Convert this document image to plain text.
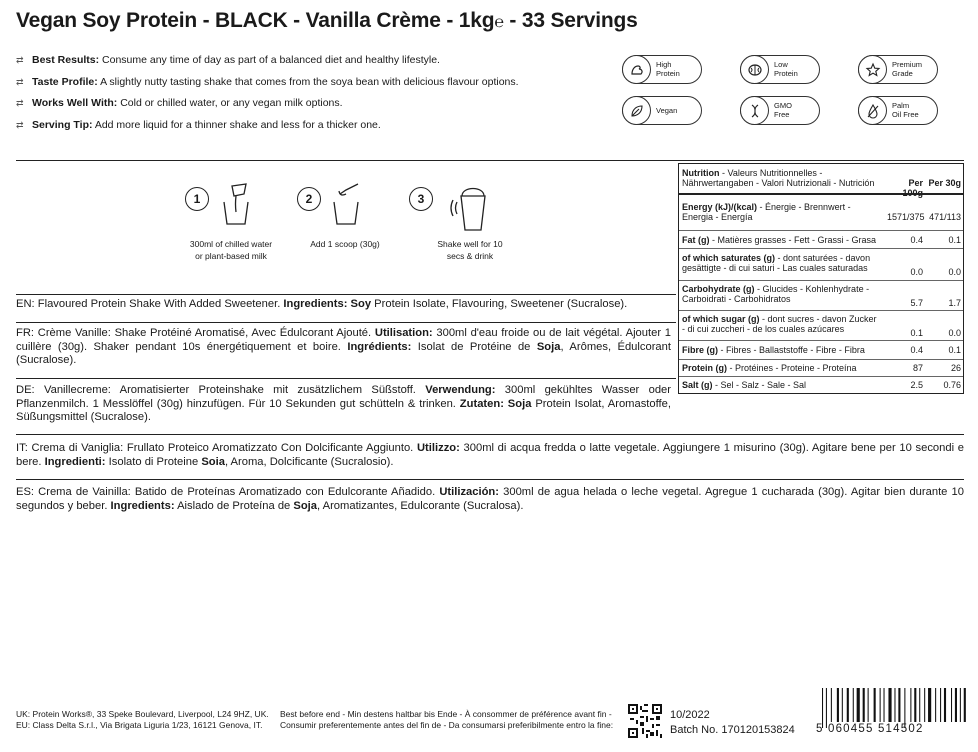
Vegan Soy Protein - BLACK - Vanilla Crème - 1kg℮ - 33 Servings
⇄ Best Results: Consume any time of day as part of a balanced diet and healthy lifestyle.
⇄ Taste Profile: A slightly nutty tasting shake that comes from the soya bean with delicious flavour options.
⇄ Works Well With: Cold or chilled water, or any vegan milk options.
⇄ Serving Tip: Add more liquid for a thinner shake and less for a thicker one.
High
Protein
Low
Protein
Premium
Grade
Vegan
GMO
Free
Palm
Oil Free
1
300ml of chilled water
or plant-based milk
2
Add 1 scoop (30g)
3
Shake well for 10
secs & drink
EN: Flavoured Protein Shake With Added Sweetener. Ingredients: Soy Protein Isolate, Flavouring, Sweetener (Sucralose).
FR: Crème Vanille: Shake Protéiné Aromatisé, Avec Édulcorant Ajouté. Utilisation: 300ml d'eau froide ou de lait végétal. Ajouter 1 cuillère (30g). Shaker pendant 10s énergétiquement et boire. Ingrédients: Isolat de Protéine de Soja, Arômes, Édulcorant (Sucralose).
DE: Vanillecreme: Aromatisierter Proteinshake mit zusätzlichem Süßstoff. Verwendung: 300ml gekühltes Wasser oder Pflanzenmilch. 1 Messlöffel (30g) hinzufügen. Für 10 Sekunden gut schütteln & trinken. Zutaten: Soja Protein Isolat, Aromastoffe, Süßungsmittel (Sucralose).
IT: Crema di Vaniglia: Frullato Proteico Aromatizzato Con Dolcificante Aggiunto. Utilizzo: 300ml di acqua fredda o latte vegetale. Aggiungere 1 misurino (30g). Agitare bene per 10 secondi e bere. Ingredienti: Isolato di Proteine Soia, Aroma, Dolcificante (Sucralosio).
ES: Crema de Vainilla: Batido de Proteínas Aromatizado con Edulcorante Añadido. Utilización: 300ml de agua helada o leche vegetal. Agregue 1 cucharada (30g). Agitar bien durante 10 segundos y beber. Ingredients: Aislado de Proteína de Soja, Aromatizantes, Edulcorante (Sucralosa).
Nutrition - Valeurs Nutritionnelles - Nährwertangaben - Valori Nutrizionali - Nutrición	Per Per 30g
Energy (kJ)/(kcal) - Énergie - Brennwert - Energia - Energía	1571/375 471/113
Fat (g) - Matières grasses - Fett - Grassi - Grasa	0.4	0.1
of which saturates (g) - dont saturées - davon gesättigte - di cui saturi - Las cuales saturadas	0.0	0.0
Carbohydrate (g) - Glucides - Kohlenhydrate - Carboidrati - Carbohidratos	5.7	1.7
of which sugar (g) - dont sucres - davon Zucker - di cui zuccheri - de los cuales azúcares	0.1	0.0
Fibre (g) - Fibres - Ballaststoffe - Fibre - Fibra	0.4	0.1
Protein (g) - Protéines - Proteine - Proteína	87	26
Salt (g) - Sel - Salz - Sale - Sal	2.5	0.76
UK: Protein Works®, 33 Speke Boulevard, Liverpool, L24 9HZ, UK.
EU: Class Delta S.r.l., Via Brigata Liguria 1/23, 16121 Genova, IT.
Best before end - Min destens haltbar bis Ende - À consommer de préférence avant fin -
Consumir preferentemente antes del fin de - Da consumarsi preferibilmente entro la fine:
10/2022
Batch No. 170120153824 5 060455 514502
